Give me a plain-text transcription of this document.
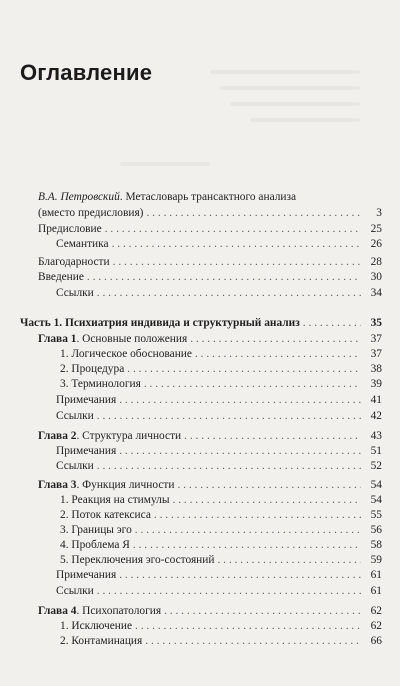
Оглавление
В.А. Петровский. Метасловарь трансактного анализа
(вместо предисловия) . . .	3
Предисловие . . .	25
Семантика . . .	26
Благодарности . . .	28
Введение . . .	30
Ссылки . . .	34
Часть 1. Психиатрия индивида и структурный анализ . . .	35
Глава 1. Основные положения . . .	37
1. Логическое обоснование . . .	37
2. Процедура . . .	38
3. Терминология . . .	39
Примечания . . .	41
Ссылки . . .	42
Глава 2. Структура личности . . .	43
Примечания . . .	51
Ссылки . . .	52
Глава 3. Функция личности . . .	54
1. Реакция на стимулы . . .	54
2. Поток катексиса . . .	55
3. Границы эго . . .	56
4. Проблема Я . . .	58
5. Переключения эго-состояний . . .	59
Примечания . . .	61
Ссылки . . .	61
Глава 4. Психопатология . . .	62
1. Исключение . . .	62
2. Контаминация . . .	66
